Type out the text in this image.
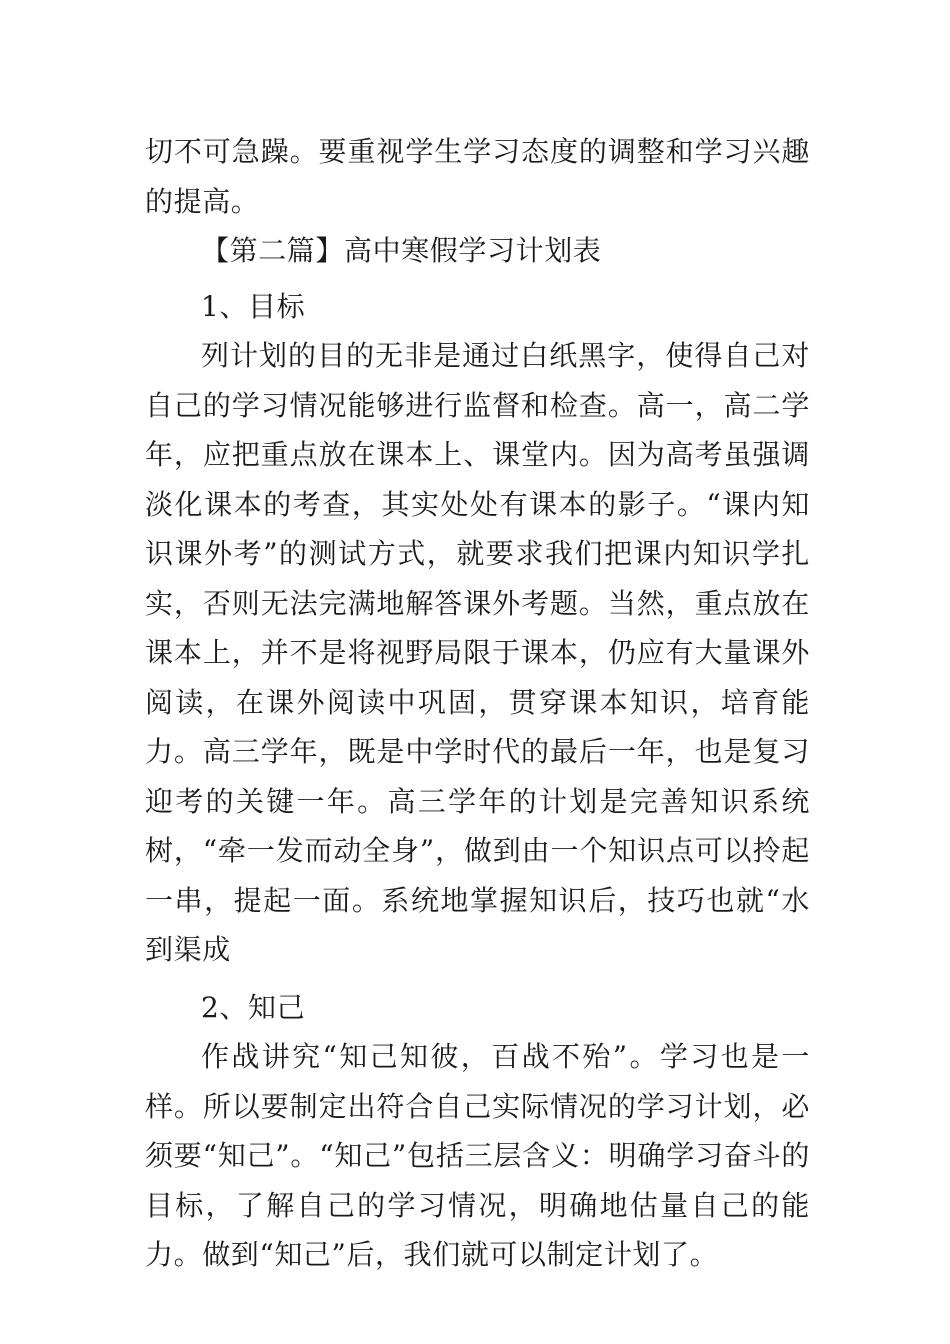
切不可急躁。要重视学生学习态度的调整和学习兴趣的提高。

【第二篇】高中寒假学习计划表

1、目标

列计划的目的无非是通过白纸黑字，使得自己对自己的学习情况能够进行监督和检查。高一，高二学年，应把重点放在课本上、课堂内。因为高考虽强调淡化课本的考查，其实处处有课本的影子。“课内知识课外考”的测试方式，就要求我们把课内知识学扎实，否则无法完满地解答课外考题。当然，重点放在课本上，并不是将视野局限于课本，仍应有大量课外阅读，在课外阅读中巩固，贯穿课本知识，培育能力。高三学年，既是中学时代的最后一年，也是复习迎考的关键一年。高三学年的计划是完善知识系统树，“牵一发而动全身”，做到由一个知识点可以拎起一串，提起一面。系统地掌握知识后，技巧也就“水到渠成

2、知己

作战讲究“知己知彼，百战不殆”。学习也是一样。所以要制定出符合自己实际情况的学习计划，必须要“知己”。“知己”包括三层含义：明确学习奋斗的目标，了解自己的学习情况，明确地估量自己的能力。做到“知己”后，我们就可以制定计划了。
